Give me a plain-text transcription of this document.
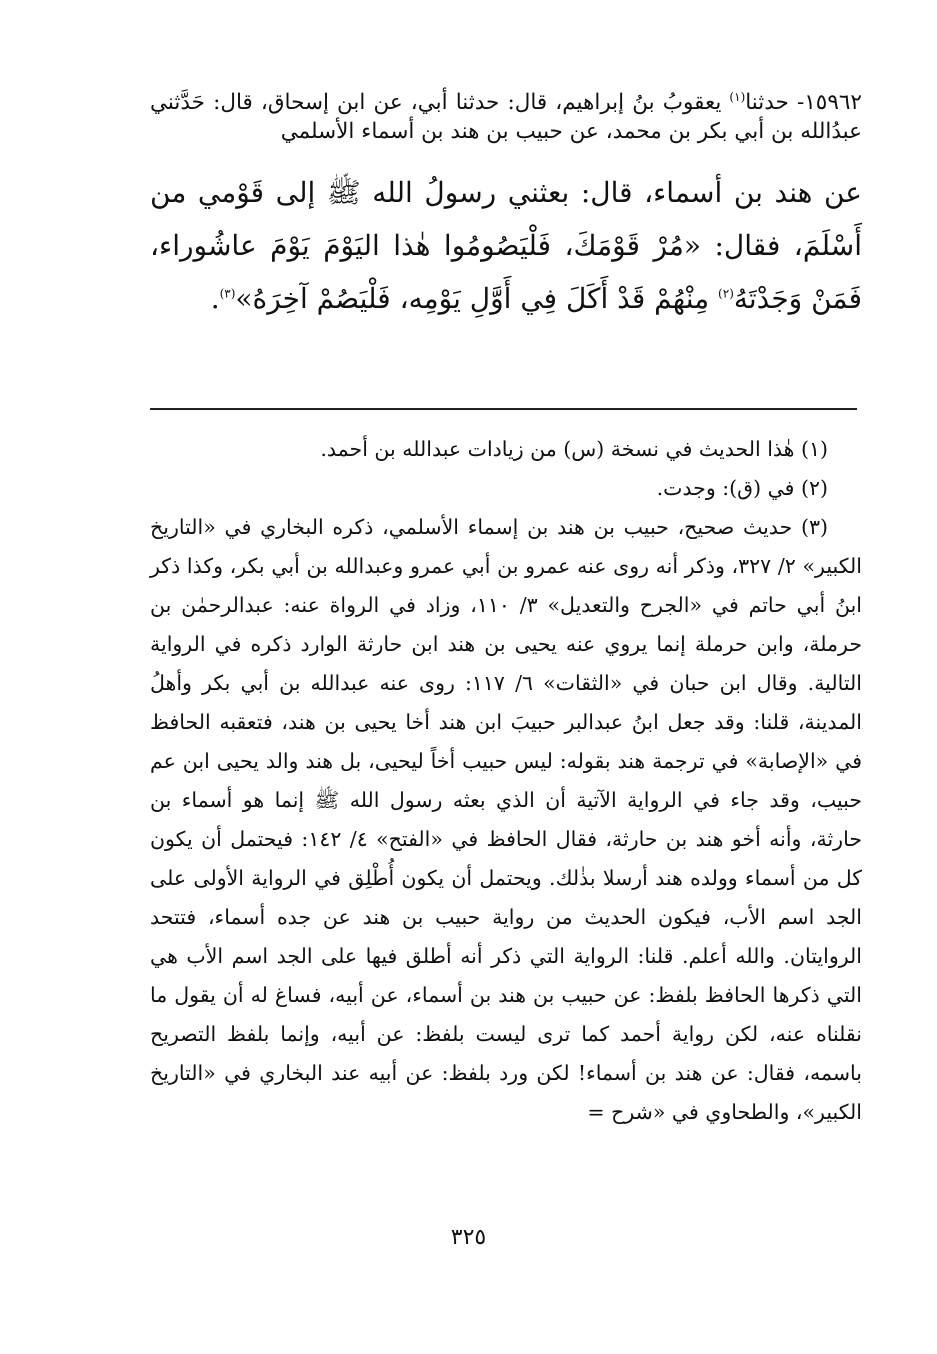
١٥٩٦٢- حدثنا$^{(١)}$ يعقوبُ بنُ إبراهيم، قال: حدثنا أبي، عن ابن إسحاق، قال: حَدَّثني عبدُالله بن أبي بكر بن محمد، عن حبيب بن هند بن أسماء الأسلمي

عن هند بن أسماء، قال: بعثني رسولُ الله ﷺ إلى قَوْمي من أَسْلَمَ، فقال: «مُرْ قَوْمَكَ، فَلْيَصُومُوا هٰذا اليَوْمَ يَوْمَ عاشُوراء، فَمَنْ وَجَدْتَهُ$^{(٢)}$ مِنْهُمْ قَدْ أَكَلَ فِي أَوَّلِ يَوْمِه، فَلْيَصُمْ آخِرَهُ»$^{(٣)}$.

(١) هٰذا الحديث في نسخة (س) من زيادات عبدالله بن أحمد.

(٢) في (ق): وجدت.

(٣) حديث صحيح، حبيب بن هند بن إسماء الأسلمي، ذكره البخاري في «التاريخ الكبير» ٢/ ٣٢٧، وذكر أنه روى عنه عمرو بن أبي عمرو وعبدالله بن أبي بكر، وكذا ذكر ابنُ أبي حاتم في «الجرح والتعديل» ٣/ ١١٠، وزاد في الرواة عنه: عبدالرحمٰن بن حرملة، وابن حرملة إنما يروي عنه يحيى بن هند ابن حارثة الوارد ذكره في الرواية التالية. وقال ابن حبان في «الثقات» ٦/ ١١٧: روى عنه عبدالله بن أبي بكر وأهلُ المدينة، قلنا: وقد جعل ابنُ عبدالبر حبيبَ ابن هند أخا يحيى بن هند، فتعقبه الحافظ في «الإصابة» في ترجمة هند بقوله: ليس حبيب أخاً ليحيى، بل هند والد يحيى ابن عم حبيب، وقد جاء في الرواية الآتية أن الذي بعثه رسول الله ﷺ إنما هو أسماء بن حارثة، وأنه أخو هند بن حارثة، فقال الحافظ في «الفتح» ٤/ ١٤٢: فيحتمل أن يكون كل من أسماء وولده هند أرسلا بذٰلك. ويحتمل أن يكون أُطْلِق في الرواية الأولى على الجد اسم الأب، فيكون الحديث من رواية حبيب بن هند عن جده أسماء، فتتحد الروايتان. والله أعلم. قلنا: الرواية التي ذكر أنه أطلق فيها على الجد اسم الأب هي التي ذكرها الحافظ بلفظ: عن حبيب بن هند بن أسماء، عن أبيه، فساغ له أن يقول ما نقلناه عنه، لكن رواية أحمد كما ترى ليست بلفظ: عن أبيه، وإنما بلفظ التصريح باسمه، فقال: عن هند بن أسماء! لكن ورد بلفظ: عن أبيه عند البخاري في «التاريخ الكبير»، والطحاوي في «شرح =

٣٢٥
